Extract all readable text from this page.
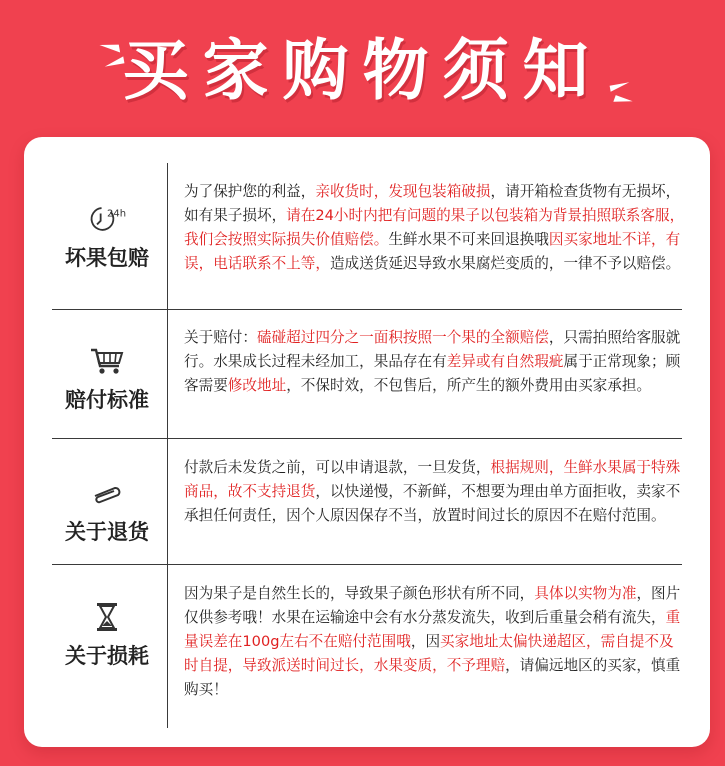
买家购物须知
24h
坏果包赔

为了保护您的利益，亲收货时，发现包装箱破损，请开箱检查货物有无损坏，如有果子损坏，请在24小时内把有问题的果子以包装箱为背景拍照联系客服，我们会按照实际损失价值赔偿。生鲜水果不可来回退换哦因买家地址不详，有误，电话联系不上等，造成送货延迟导致水果腐烂变质的，一律不予以赔偿。

赔付标准

关于赔付：磕碰超过四分之一面积按照一个果的全额赔偿，只需拍照给客服就行。水果成长过程未经加工，果品存在有差异或有自然瑕疵属于正常现象；顾客需要修改地址，不保时效，不包售后，所产生的额外费用由买家承担。

关于退货

付款后未发货之前，可以申请退款，一旦发货，根据规则，生鲜水果属于特殊商品，故不支持退货，以快递慢，不新鲜，不想要为理由单方面拒收，卖家不承担任何责任，因个人原因保存不当，放置时间过长的原因不在赔付范围。

关于损耗

因为果子是自然生长的，导致果子颜色形状有所不同，具体以实物为准，图片仅供参考哦！水果在运输途中会有水分蒸发流失，收到后重量会稍有流失，重量误差在100g左右不在赔付范围哦，因买家地址太偏快递超区，需自提不及时自提，导致派送时间过长，水果变质，不予理赔，请偏远地区的买家，慎重购买！
